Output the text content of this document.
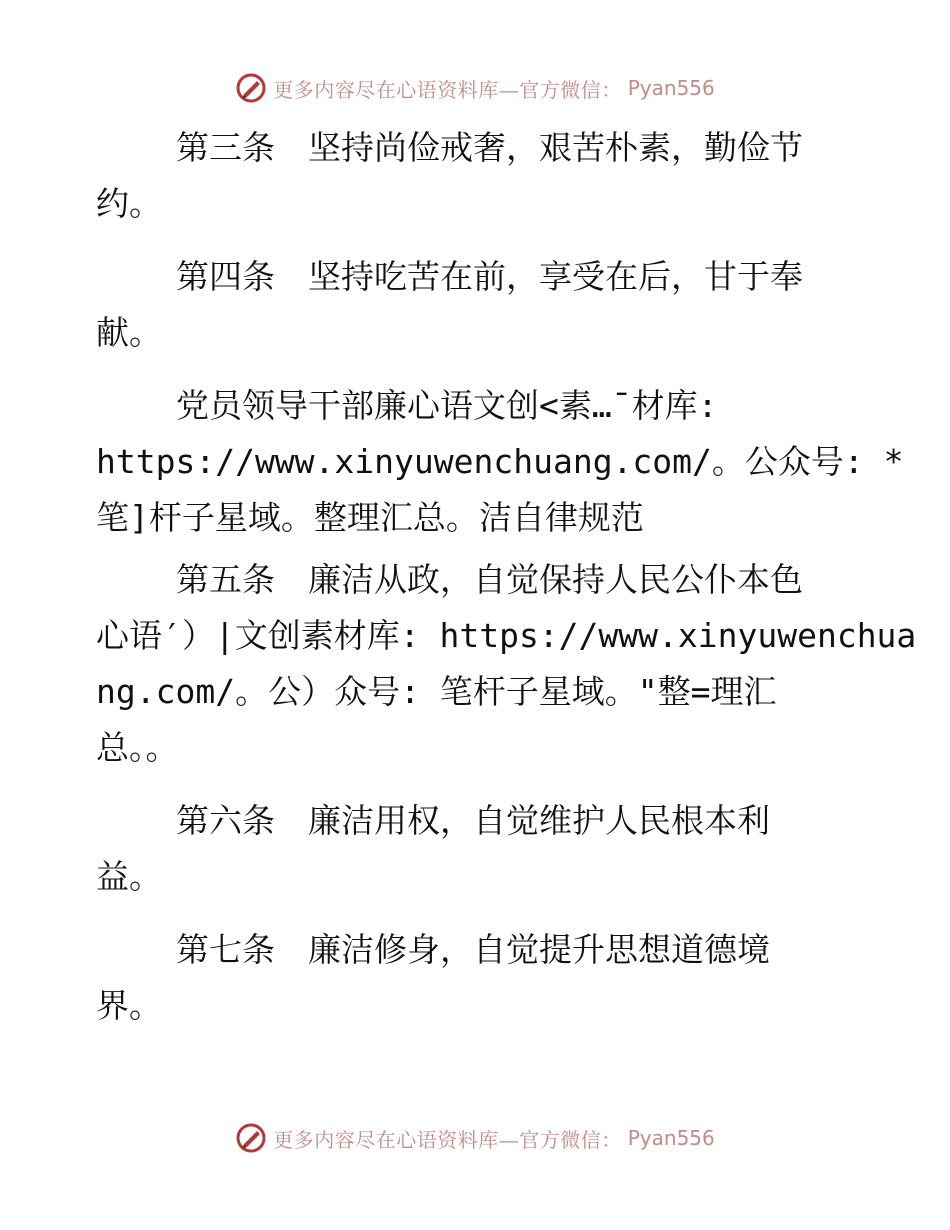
更多内容尽在心语资料库—官方微信： Pyan556
第三条　坚持尚俭戒奢，艰苦朴素，勤俭节
约。
第四条　坚持吃苦在前，享受在后，甘于奉
献。
党员领导干部廉心语文创<素…¯材库:
https://www.xinyuwenchuang.com/。公众号: *
笔]杆子星域。整理汇总。洁自律规范
第五条　廉洁从政，自觉保持人民公仆本色
心语′）|文创素材库: https://www.xinyuwenchua
ng.com/。公）众号: 笔杆子星域。"整=理汇
总。。
第六条　廉洁用权，自觉维护人民根本利
益。
第七条　廉洁修身，自觉提升思想道德境
界。
更多内容尽在心语资料库—官方微信： Pyan556
